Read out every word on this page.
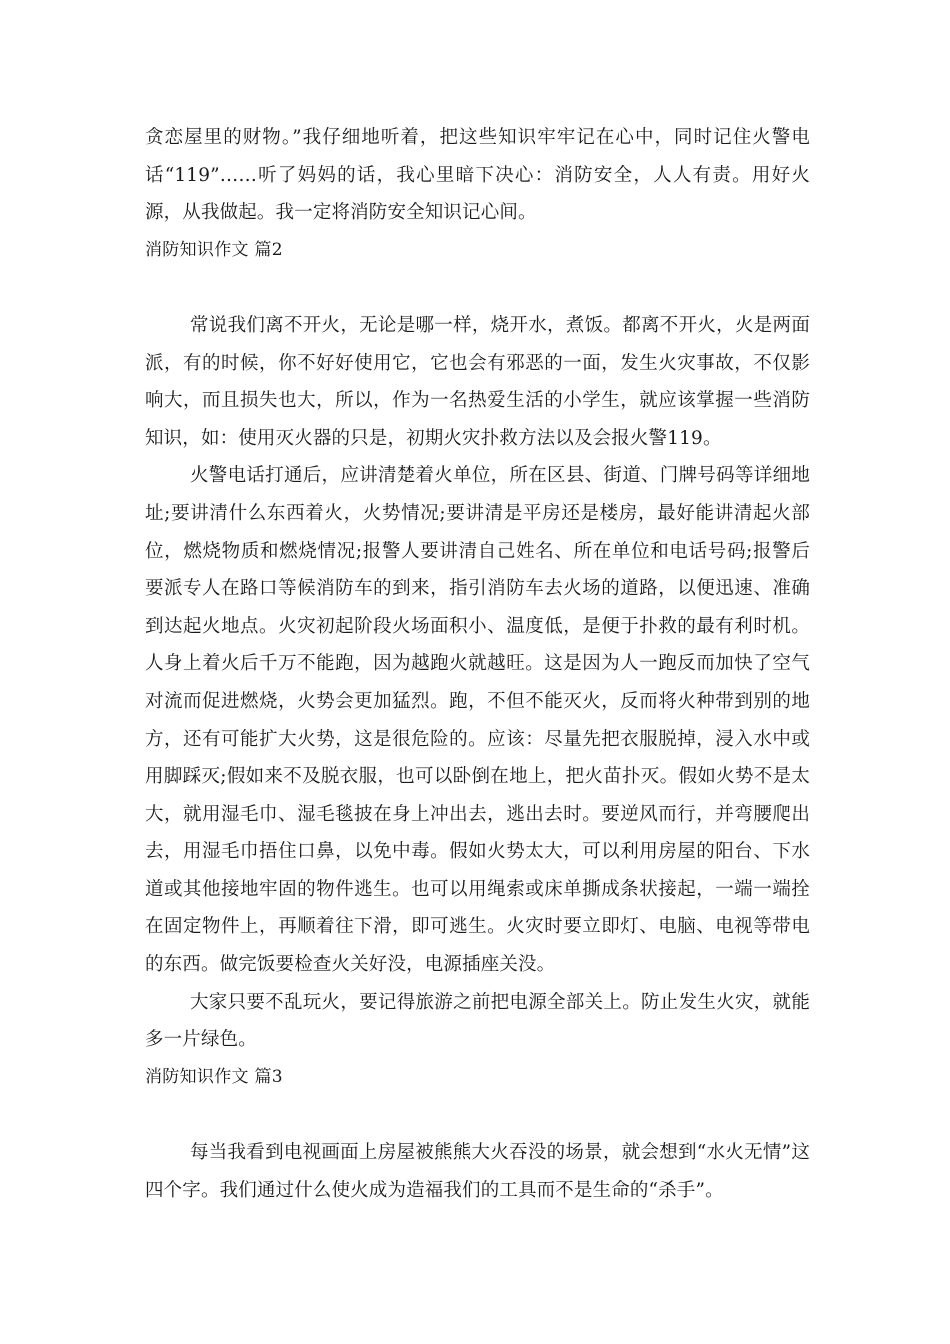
贪恋屋里的财物。”我仔细地听着，把这些知识牢牢记在心中，同时记住火警电话“119”……听了妈妈的话，我心里暗下决心：消防安全，人人有责。用好火源，从我做起。我一定将消防安全知识记心间。

消防知识作文 篇2

常说我们离不开火，无论是哪一样，烧开水，煮饭。都离不开火，火是两面派，有的时候，你不好好使用它，它也会有邪恶的一面，发生火灾事故，不仅影响大，而且损失也大，所以，作为一名热爱生活的小学生，就应该掌握一些消防知识，如：使用灭火器的只是，初期火灾扑救方法以及会报火警119。

火警电话打通后，应讲清楚着火单位，所在区县、街道、门牌号码等详细地址;要讲清什么东西着火，火势情况;要讲清是平房还是楼房，最好能讲清起火部位，燃烧物质和燃烧情况;报警人要讲清自己姓名、所在单位和电话号码;报警后要派专人在路口等候消防车的到来，指引消防车去火场的道路，以便迅速、准确到达起火地点。火灾初起阶段火场面积小、温度低，是便于扑救的最有利时机。人身上着火后千万不能跑，因为越跑火就越旺。这是因为人一跑反而加快了空气对流而促进燃烧，火势会更加猛烈。跑，不但不能灭火，反而将火种带到别的地方，还有可能扩大火势，这是很危险的。应该：尽量先把衣服脱掉，浸入水中或用脚踩灭;假如来不及脱衣服，也可以卧倒在地上，把火苗扑灭。假如火势不是太大，就用湿毛巾、湿毛毯披在身上冲出去，逃出去时。要逆风而行，并弯腰爬出去，用湿毛巾捂住口鼻，以免中毒。假如火势太大，可以利用房屋的阳台、下水道或其他接地牢固的物件逃生。也可以用绳索或床单撕成条状接起，一端一端拴在固定物件上，再顺着往下滑，即可逃生。火灾时要立即灯、电脑、电视等带电的东西。做完饭要检查火关好没，电源插座关没。

大家只要不乱玩火，要记得旅游之前把电源全部关上。防止发生火灾，就能多一片绿色。

消防知识作文 篇3

每当我看到电视画面上房屋被熊熊大火吞没的场景，就会想到“水火无情”这四个字。我们通过什么使火成为造福我们的工具而不是生命的“杀手”。
